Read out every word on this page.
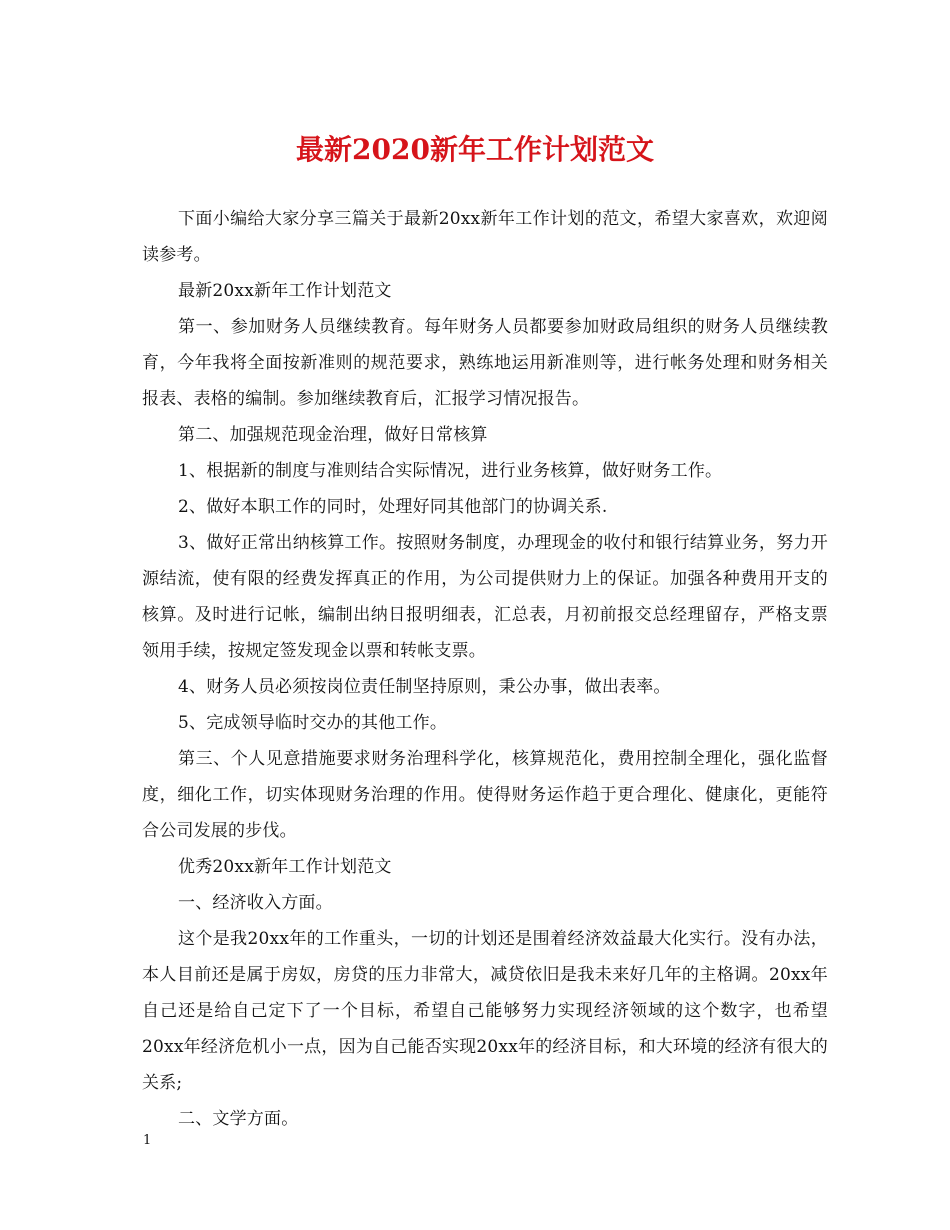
最新2020新年工作计划范文

下面小编给大家分享三篇关于最新20xx新年工作计划的范文，希望大家喜欢，欢迎阅读参考。

最新20xx新年工作计划范文

第一、参加财务人员继续教育。每年财务人员都要参加财政局组织的财务人员继续教育，今年我将全面按新准则的规范要求，熟练地运用新准则等，进行帐务处理和财务相关报表、表格的编制。参加继续教育后，汇报学习情况报告。

第二、加强规范现金治理，做好日常核算

1、根据新的制度与准则结合实际情况，进行业务核算，做好财务工作。

2、做好本职工作的同时，处理好同其他部门的协调关系.

3、做好正常出纳核算工作。按照财务制度，办理现金的收付和银行结算业务，努力开源结流，使有限的经费发挥真正的作用，为公司提供财力上的保证。加强各种费用开支的核算。及时进行记帐，编制出纳日报明细表，汇总表，月初前报交总经理留存，严格支票领用手续，按规定签发现金以票和转帐支票。

4、财务人员必须按岗位责任制坚持原则，秉公办事，做出表率。

5、完成领导临时交办的其他工作。

第三、个人见意措施要求财务治理科学化，核算规范化，费用控制全理化，强化监督度，细化工作，切实体现财务治理的作用。使得财务运作趋于更合理化、健康化，更能符合公司发展的步伐。

优秀20xx新年工作计划范文

一、经济收入方面。

这个是我20xx年的工作重头，一切的计划还是围着经济效益最大化实行。没有办法，本人目前还是属于房奴，房贷的压力非常大，减贷依旧是我未来好几年的主格调。20xx年自己还是给自己定下了一个目标，希望自己能够努力实现经济领域的这个数字，也希望20xx年经济危机小一点，因为自己能否实现20xx年的经济目标，和大环境的经济有很大的关系;

二、文学方面。

1
